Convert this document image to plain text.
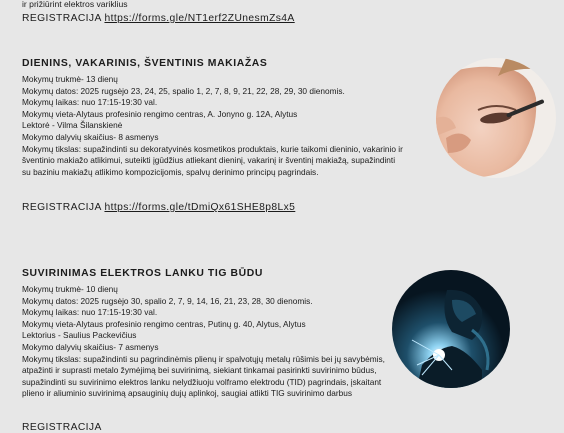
ir prižiūrint elektros variklius
REGISTRACIJA https://forms.gle/NT1erf2ZUnesmZs4A
DIENINS, VAKARINIS, ŠVENTINIS MAKIAŽAS
Mokymų trukmė- 13 dienų
Mokymų datos: 2025 rugsėjo 23, 24, 25, spalio 1, 2, 7, 8, 9, 21, 22, 28, 29, 30 dienomis.
Mokymų laikas: nuo 17:15-19:30 val.
Mokymų vieta-Alytaus profesinio rengimo centras, A. Jonyno g. 12A, Alytus
Lektorė - Vilma Šilanskienė
Mokymo dalyvių skaičius- 8 asmenys
Mokymų tikslas: supažindinti su dekoratyvinės kosmetikos produktais, kurie taikomi dieninio, vakarinio ir šventinio makiažo atlikimui, suteikti įgūdžius atliekant dieninį, vakarinį ir šventinį makiažą, supažindinti su baziniu makiažų atlikimo kompozicijomis, spalvų derinimo principų pagrindais.
REGISTRACIJA https://forms.gle/tDmiQx61SHE8p8Lx5
SUVIRINIMAS ELEKTROS LANKU TIG BŪDU
Mokymų trukmė- 10 dienų
Mokymų datos: 2025 rugsėjo 30, spalio 2, 7, 9, 14, 16, 21, 23, 28, 30 dienomis.
Mokymų laikas: nuo 17:15-19:30 val.
Mokymų vieta-Alytaus profesinio rengimo centras, Putinų g. 40, Alytus, Alytus
Lektorius - Saulius Packevičius
Mokymo dalyvių skaičius- 7 asmenys
Mokymų tikslas: supažindinti su pagrindinėmis plienų ir spalvotųjų metalų rūšimis bei jų savybėmis, atpažinti ir suprasti metalo žymėjimą bei suvirinimą, siekiant tinkamai pasirinkti suvirinimo būdus, supažindinti su suvirinimo elektros lanku nelydžiuoju volframo elektrodu (TID) pagrindais, įskaitant plieno ir aliuminio suvirinimą apsauginių dujų aplinkoj, saugiai atlikti TIG suvirinimo darbus
REGISTRACIJA
